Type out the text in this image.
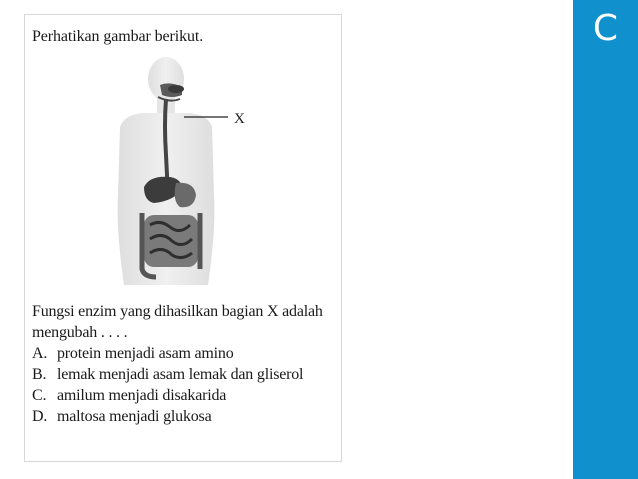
Perhatikan gambar berikut.
X
Fungsi enzim yang dihasilkan bagian X adalah
mengubah . . . .
A. protein menjadi asam amino
B. lemak menjadi asam lemak dan gliserol
C. amilum menjadi disakarida
D. maltosa menjadi glukosa
C
